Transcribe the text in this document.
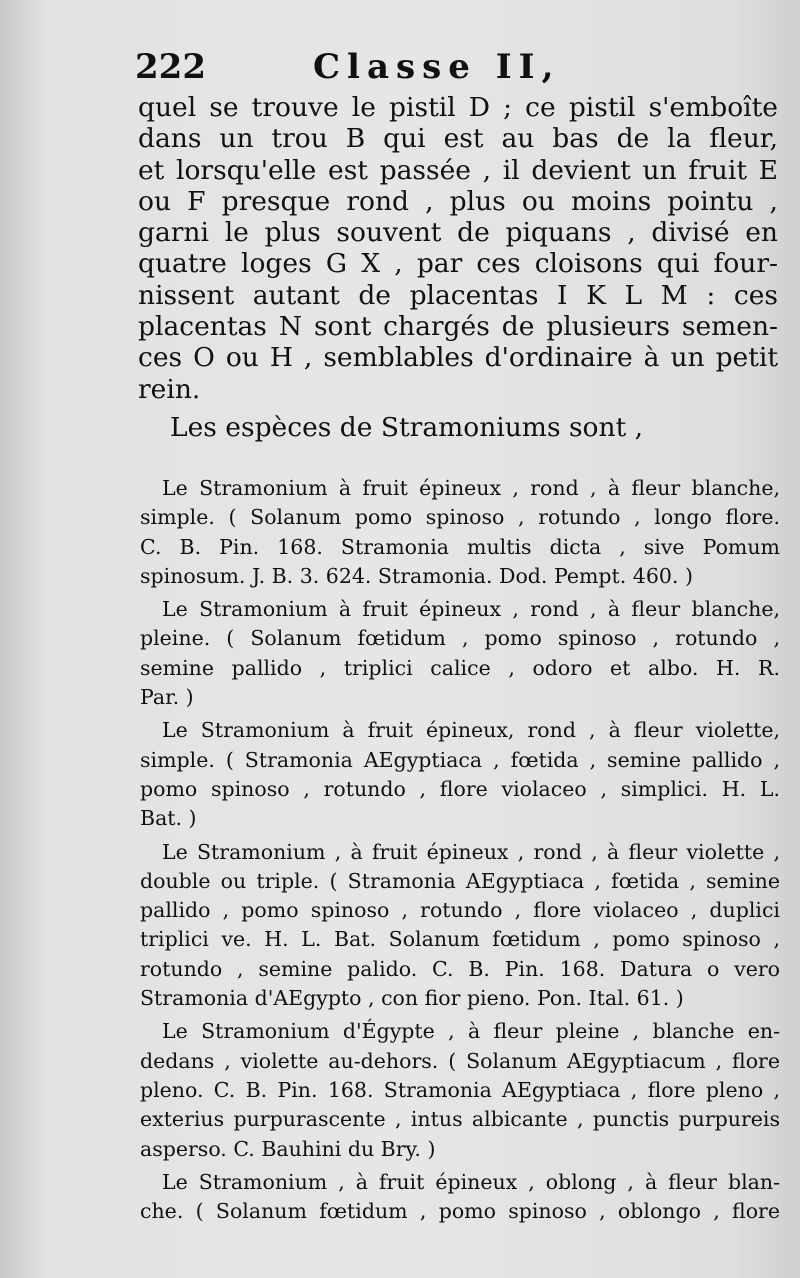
222	Classe II,
quel se trouve le pistil D ; ce pistil s'emboîte
dans un trou B qui est au bas de la fleur,
et lorsqu'elle est passée , il devient un fruit E
ou F presque rond , plus ou moins pointu ,
garni le plus souvent de piquans , divisé en
quatre loges G X , par ces cloisons qui four-
nissent autant de placentas I K L M : ces
placentas N sont chargés de plusieurs semen-
ces O ou H , semblables d'ordinaire à un petit
rein.
Les espèces de Stramoniums sont ,
Le Stramonium à fruit épineux , rond , à fleur blanche,
simple. ( Solanum pomo spinoso , rotundo , longo flore.
C. B. Pin. 168. Stramonia multis dicta , sive Pomum
spinosum. J. B. 3. 624. Stramonia. Dod. Pempt. 460. )
Le Stramonium à fruit épineux , rond , à fleur blanche,
pleine. ( Solanum fœtidum , pomo spinoso , rotundo ,
semine pallido , triplici calice , odoro et albo. H. R.
Par. )
Le Stramonium à fruit épineux, rond , à fleur violette,
simple. ( Stramonia AEgyptiaca , fœtida , semine pallido ,
pomo spinoso , rotundo , flore violaceo , simplici. H. L.
Bat. )
Le Stramonium , à fruit épineux , rond , à fleur violette ,
double ou triple. ( Stramonia AEgyptiaca , fœtida , semine
pallido , pomo spinoso , rotundo , flore violaceo , duplici
triplici ve. H. L. Bat. Solanum fœtidum , pomo spinoso ,
rotundo , semine palido. C. B. Pin. 168. Datura o vero
Stramonia d'AEgypto , con fior pieno. Pon. Ital. 61. )
Le Stramonium d'Égypte , à fleur pleine , blanche en-
dedans , violette au-dehors. ( Solanum AEgyptiacum , flore
pleno. C. B. Pin. 168. Stramonia AEgyptiaca , flore pleno ,
exterius purpurascente , intus albicante , punctis purpureis
asperso. C. Bauhini du Bry. )
Le Stramonium , à fruit épineux , oblong , à fleur blan-
che. ( Solanum fœtidum , pomo spinoso , oblongo , flore
